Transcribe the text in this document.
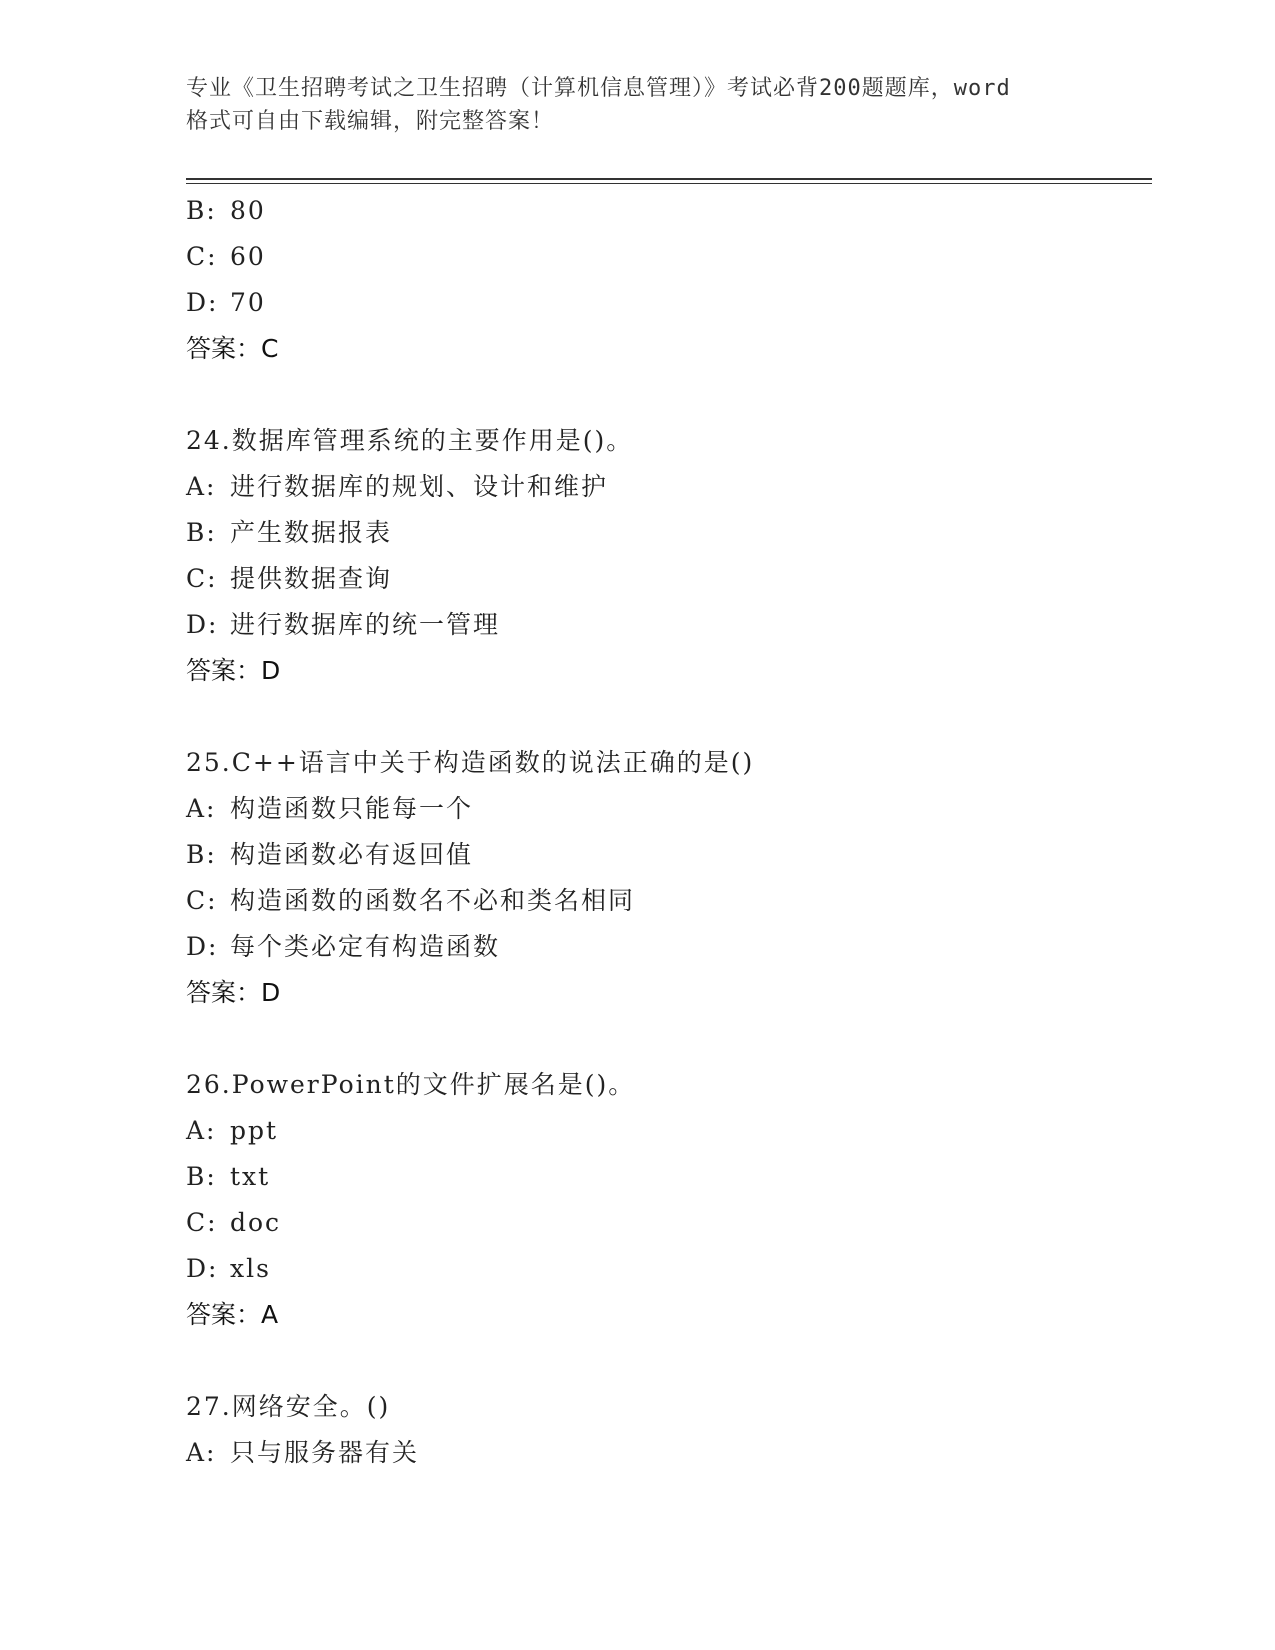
专业《卫生招聘考试之卫生招聘（计算机信息管理）》考试必背200题题库，word
格式可自由下载编辑，附完整答案！
B: 80
C: 60
D: 70
答案：C
24.数据库管理系统的主要作用是()。
A: 进行数据库的规划、设计和维护
B: 产生数据报表
C: 提供数据查询
D: 进行数据库的统一管理
答案：D
25.C++语言中关于构造函数的说法正确的是()
A: 构造函数只能每一个
B: 构造函数必有返回值
C: 构造函数的函数名不必和类名相同
D: 每个类必定有构造函数
答案：D
26.PowerPoint的文件扩展名是()。
A: ppt
B: txt
C: doc
D: xls
答案：A
27.网络安全。()
A: 只与服务器有关
